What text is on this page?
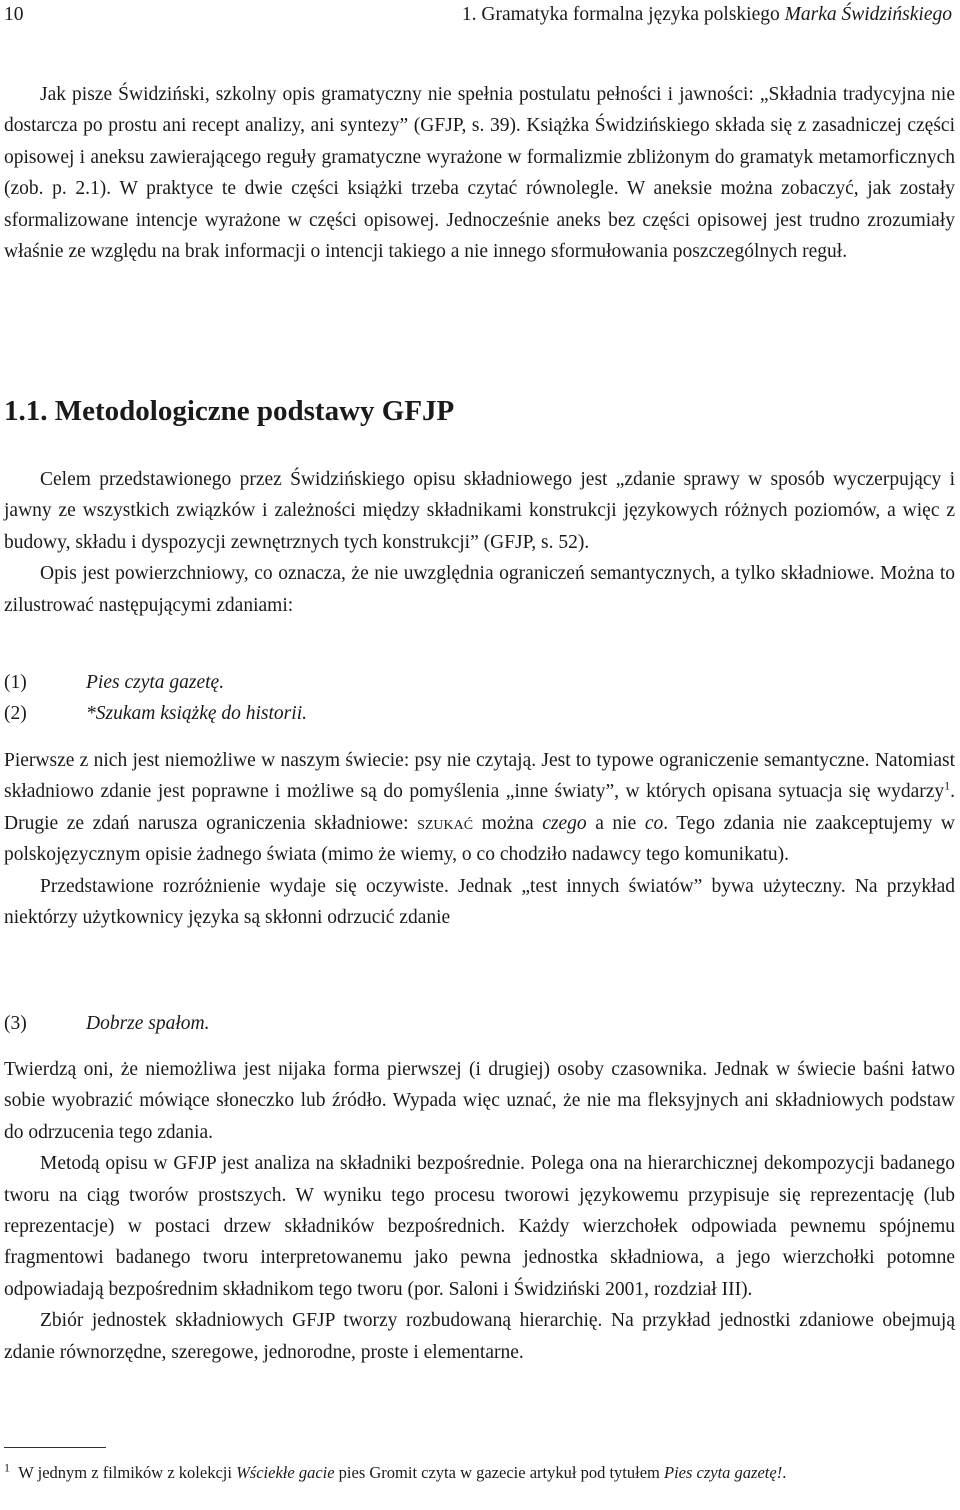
10	1. Gramatyka formalna języka polskiego Marka Świdzińskiego

Jak pisze Świdziński, szkolny opis gramatyczny nie spełnia postulatu pełności i jawności: „Składnia tradycyjna nie dostarcza po prostu ani recept analizy, ani syntezy” (GFJP, s. 39). Książka Świdzińskiego składa się z zasadniczej części opisowej i aneksu zawierającego reguły gramatyczne wyrażone w formalizmie zbliżonym do gramatyk metamorficznych (zob. p. 2.1). W praktyce te dwie części książki trzeba czytać równolegle. W aneksie można zobaczyć, jak zostały sformalizowane intencje wyrażone w części opisowej. Jednocześnie aneks bez części opisowej jest trudno zrozumiały właśnie ze względu na brak informacji o intencji takiego a nie innego sformułowania poszczególnych reguł.

1.1. Metodologiczne podstawy GFJP

Celem przedstawionego przez Świdzińskiego opisu składniowego jest „zdanie sprawy w sposób wyczerpujący i jawny ze wszystkich związków i zależności między składnikami konstrukcji językowych różnych poziomów, a więc z budowy, składu i dyspozycji zewnętrznych tych konstrukcji” (GFJP, s. 52).

Opis jest powierzchniowy, co oznacza, że nie uwzględnia ograniczeń semantycznych, a tylko składniowe. Można to zilustrować następującymi zdaniami:

(1)	Pies czyta gazetę.
(2)	*Szukam książkę do historii.

Pierwsze z nich jest niemożliwe w naszym świecie: psy nie czytają. Jest to typowe ograniczenie semantyczne. Natomiast składniowo zdanie jest poprawne i możliwe są do pomyślenia „inne światy”, w których opisana sytuacja się wydarzy$^1$. Drugie ze zdań narusza ograniczenia składniowe: szukać można czego a nie co. Tego zdania nie zaakceptujemy w polskojęzycznym opisie żadnego świata (mimo że wiemy, o co chodziło nadawcy tego komunikatu).

Przedstawione rozróżnienie wydaje się oczywiste. Jednak „test innych światów” bywa użyteczny. Na przykład niektórzy użytkownicy języka są skłonni odrzucić zdanie

(3)	Dobrze spałom.

Twierdzą oni, że niemożliwa jest nijaka forma pierwszej (i drugiej) osoby czasownika. Jednak w świecie baśni łatwo sobie wyobrazić mówiące słoneczko lub źródło. Wypada więc uznać, że nie ma fleksyjnych ani składniowych podstaw do odrzucenia tego zdania.

Metodą opisu w GFJP jest analiza na składniki bezpośrednie. Polega ona na hierarchicznej dekompozycji badanego tworu na ciąg tworów prostszych. W wyniku tego procesu tworowi językowemu przypisuje się reprezentację (lub reprezentacje) w postaci drzew składników bezpośrednich. Każdy wierzchołek odpowiada pewnemu spójnemu fragmentowi badanego tworu interpretowanemu jako pewna jednostka składniowa, a jego wierzchołki potomne odpowiadają bezpośrednim składnikom tego tworu (por. Saloni i Świdziński 2001, rozdział III).

Zbiór jednostek składniowych GFJP tworzy rozbudowaną hierarchię. Na przykład jednostki zdaniowe obejmują zdanie równorzędne, szeregowe, jednorodne, proste i elementarne.

$^1$ W jednym z filmików z kolekcji Wściekłe gacie pies Gromit czyta w gazecie artykuł pod tytułem Pies czyta gazetę!.
